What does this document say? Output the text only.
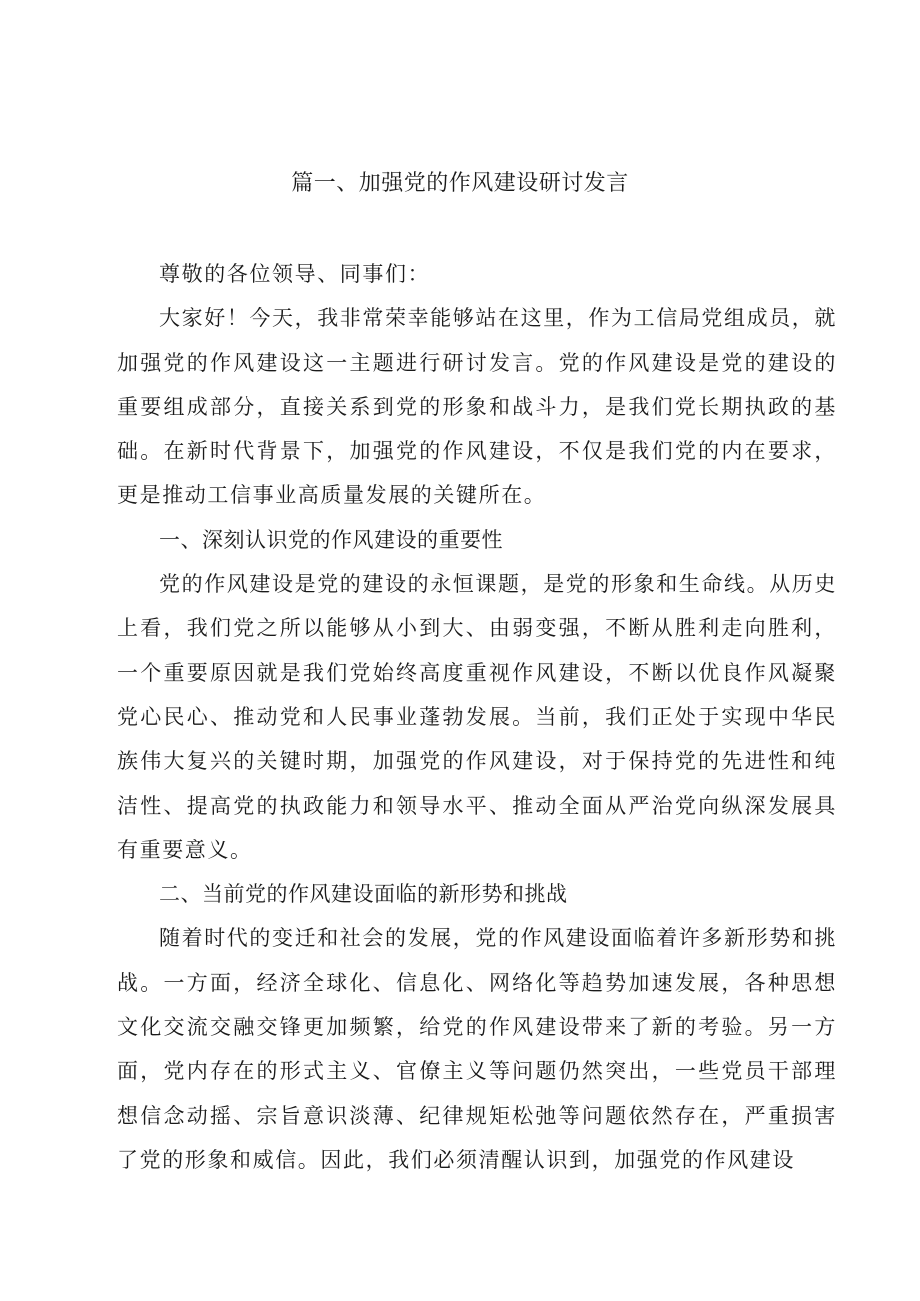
篇一、加强党的作风建设研讨发言

尊敬的各位领导、同事们：

大家好！今天，我非常荣幸能够站在这里，作为工信局党组成员，就加强党的作风建设这一主题进行研讨发言。党的作风建设是党的建设的重要组成部分，直接关系到党的形象和战斗力，是我们党长期执政的基础。在新时代背景下，加强党的作风建设，不仅是我们党的内在要求，更是推动工信事业高质量发展的关键所在。

一、深刻认识党的作风建设的重要性

党的作风建设是党的建设的永恒课题，是党的形象和生命线。从历史上看，我们党之所以能够从小到大、由弱变强，不断从胜利走向胜利，一个重要原因就是我们党始终高度重视作风建设，不断以优良作风凝聚党心民心、推动党和人民事业蓬勃发展。当前，我们正处于实现中华民族伟大复兴的关键时期，加强党的作风建设，对于保持党的先进性和纯洁性、提高党的执政能力和领导水平、推动全面从严治党向纵深发展具有重要意义。

二、当前党的作风建设面临的新形势和挑战

随着时代的变迁和社会的发展，党的作风建设面临着许多新形势和挑战。一方面，经济全球化、信息化、网络化等趋势加速发展，各种思想文化交流交融交锋更加频繁，给党的作风建设带来了新的考验。另一方面，党内存在的形式主义、官僚主义等问题仍然突出，一些党员干部理想信念动摇、宗旨意识淡薄、纪律规矩松弛等问题依然存在，严重损害了党的形象和威信。因此，我们必须清醒认识到，加强党的作风建设
